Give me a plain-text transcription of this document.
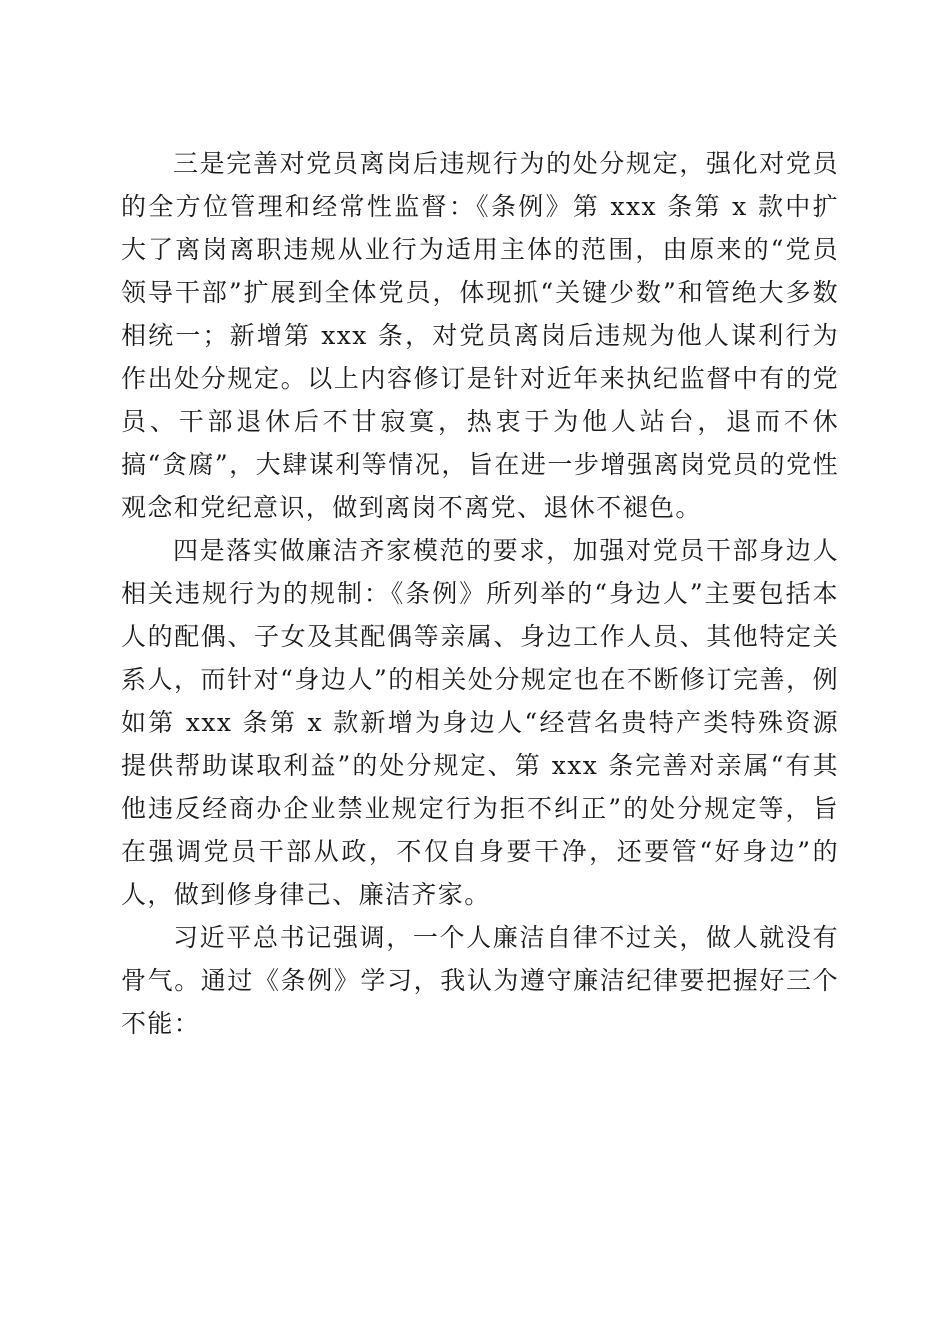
三是完善对党员离岗后违规行为的处分规定，强化对党员的全方位管理和经常性监督：《条例》第 xxx 条第 x 款中扩大了离岗离职违规从业行为适用主体的范围，由原来的“党员领导干部”扩展到全体党员，体现抓“关键少数”和管绝大多数相统一；新增第 xxx 条，对党员离岗后违规为他人谋利行为作出处分规定。以上内容修订是针对近年来执纪监督中有的党员、干部退休后不甘寂寞，热衷于为他人站台，退而不休搞“贪腐”，大肆谋利等情况，旨在进一步增强离岗党员的党性观念和党纪意识，做到离岗不离党、退休不褪色。

四是落实做廉洁齐家模范的要求，加强对党员干部身边人相关违规行为的规制：《条例》所列举的“身边人”主要包括本人的配偶、子女及其配偶等亲属、身边工作人员、其他特定关系人，而针对“身边人”的相关处分规定也在不断修订完善，例如第 xxx 条第 x 款新增为身边人“经营名贵特产类特殊资源提供帮助谋取利益”的处分规定、第 xxx 条完善对亲属“有其他违反经商办企业禁业规定行为拒不纠正”的处分规定等，旨在强调党员干部从政，不仅自身要干净，还要管“好身边”的人，做到修身律己、廉洁齐家。

习近平总书记强调，一个人廉洁自律不过关，做人就没有骨气。通过《条例》学习，我认为遵守廉洁纪律要把握好三个不能：
